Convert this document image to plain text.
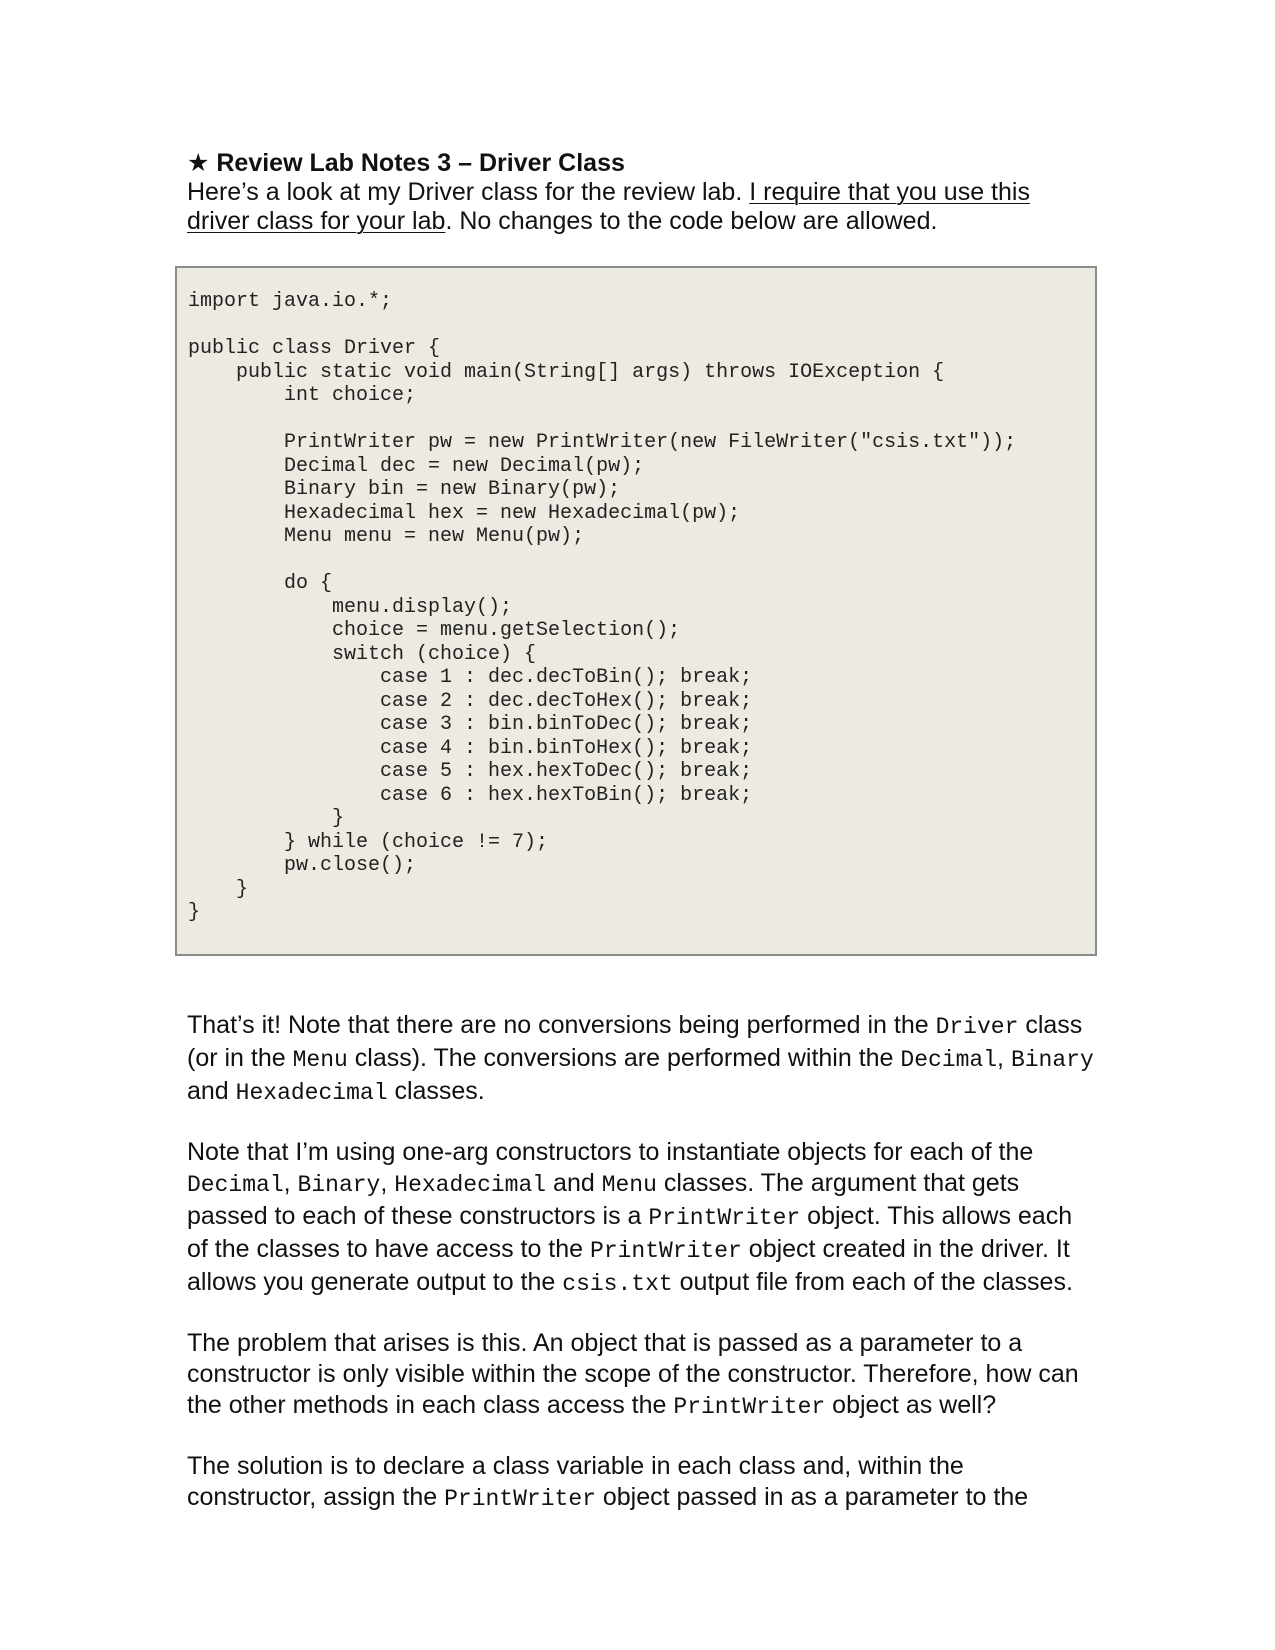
★ Review Lab Notes 3 – Driver Class

Here’s a look at my Driver class for the review lab. I require that you use this driver class for your lab. No changes to the code below are allowed.

import java.io.*;
public class Driver {
public static void main(String[] args) throws IOException {
int choice;
PrintWriter pw = new PrintWriter(new FileWriter("csis.txt"));
Decimal dec = new Decimal(pw);
Binary bin = new Binary(pw);
Hexadecimal hex = new Hexadecimal(pw);
Menu menu = new Menu(pw);
do {
menu.display();
choice = menu.getSelection();
switch (choice) {
case 1 : dec.decToBin(); break;
case 2 : dec.decToHex(); break;
case 3 : bin.binToDec(); break;
case 4 : bin.binToHex(); break;
case 5 : hex.hexToDec(); break;
case 6 : hex.hexToBin(); break;
}
} while (choice != 7);
pw.close();
}
}

That’s it! Note that there are no conversions being performed in the Driver class (or in the Menu class). The conversions are performed within the Decimal, Binary and Hexadecimal classes.

Note that I’m using one-arg constructors to instantiate objects for each of the Decimal, Binary, Hexadecimal and Menu classes. The argument that gets passed to each of these constructors is a PrintWriter object. This allows each of the classes to have access to the PrintWriter object created in the driver. It allows you generate output to the csis.txt output file from each of the classes.

The problem that arises is this. An object that is passed as a parameter to a constructor is only visible within the scope of the constructor. Therefore, how can the other methods in each class access the PrintWriter object as well?

The solution is to declare a class variable in each class and, within the constructor, assign the PrintWriter object passed in as a parameter to the
